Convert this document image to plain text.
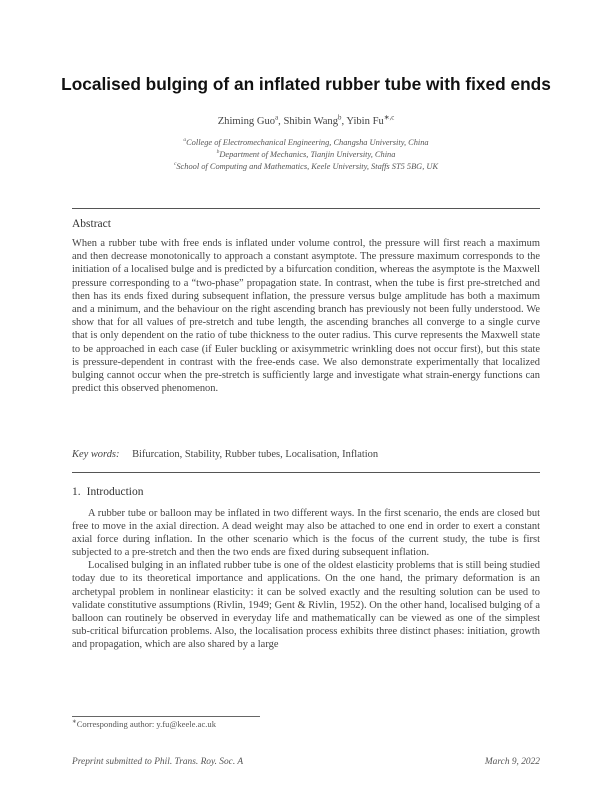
Localised bulging of an inflated rubber tube with fixed ends
Zhiming Guo$^a$, Shibin Wang$^b$, Yibin $Fu^{∗,c}$
$^a$College of Electromechanical Engineering, Changsha University, China
$^b$Department of Mechanics, Tianjin University, China
$^c$School of Computing and Mathematics, Keele University, Staffs ST5 5BG, UK
Abstract
When a rubber tube with free ends is inflated under volume control, the pressure will first reach a maximum and then decrease monotonically to approach a constant asymptote. The pressure maximum corresponds to the initiation of a localised bulge and is predicted by a bifurcation condition, whereas the asymptote is the Maxwell pressure corresponding to a “two-phase” propagation state. In contrast, when the tube is first pre-stretched and then has its ends fixed during subsequent inflation, the pressure versus bulge amplitude has both a maximum and a minimum, and the behaviour on the right ascending branch has previously not been fully understood. We show that for all values of pre-stretch and tube length, the ascending branches all converge to a single curve that is only dependent on the ratio of tube thickness to the outer radius. This curve represents the Maxwell state to be approached in each case (if Euler buckling or axisymmetric wrinkling does not occur first), but this state is pressure-dependent in contrast with the free-ends case. We also demonstrate experimentally that localized bulging cannot occur when the pre-stretch is sufficiently large and investigate what strain-energy functions can predict this observed phenomenon.
Key words: Bifurcation, Stability, Rubber tubes, Localisation, Inflation
1. Introduction

A rubber tube or balloon may be inflated in two different ways. In the first scenario, the ends are closed but free to move in the axial direction. A dead weight may also be attached to one end in order to exert a constant axial force during inflation. In the other scenario which is the focus of the current study, the tube is first subjected to a pre-stretch and then the two ends are fixed during subsequent inflation.

Localised bulging in an inflated rubber tube is one of the oldest elasticity problems that is still being studied today due to its theoretical importance and applications. On the one hand, the primary deformation is an archetypal problem in nonlinear elasticity: it can be solved exactly and the resulting solution can be used to validate constitutive assumptions (Rivlin, 1949; Gent & Rivlin, 1952). On the other hand, localised bulging of a balloon can routinely be observed in everyday life and mathematically can be viewed as one of the simplest sub-critical bifurcation problems. Also, the localisation process exhibits three distinct phases: initiation, growth and propagation, which are also shared by a large

∗Corresponding author: y.fu@keele.ac.uk
Preprint submitted to Phil. Trans. Roy. Soc. A	March 9, 2022
